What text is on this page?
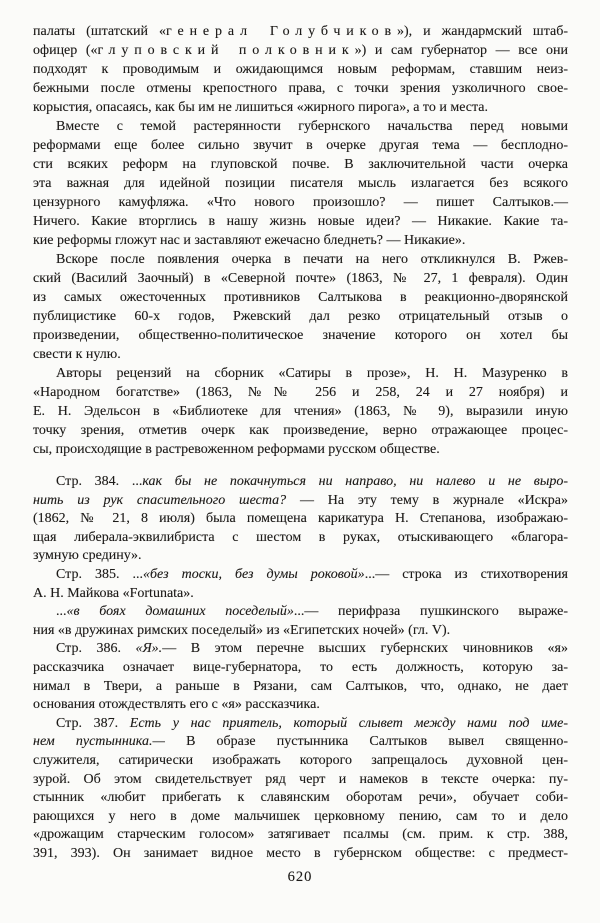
палаты (штатский «генерал Голубчиков»), и жандармский штаб-
офицер («глуповский полковник») и сам губернатор — все они
подходят к проводимым и ожидающимся новым реформам, ставшим неиз-
бежными после отмены крепостного права, с точки зрения узколичного свое-
корыстия, опасаясь, как бы им не лишиться «жирного пирога», а то и места.
Вместе с темой растерянности губернского начальства перед новыми
реформами еще более сильно звучит в очерке другая тема — бесплодно-
сти всяких реформ на глуповской почве. В заключительной части очерка
эта важная для идейной позиции писателя мысль излагается без всякого
цензурного камуфляжа. «Что нового произошло? — пишет Салтыков.—
Ничего. Какие вторглись в нашу жизнь новые идеи? — Никакие. Какие та-
кие реформы гложут нас и заставляют ежечасно бледнеть? — Никакие».
Вскоре после появления очерка в печати на него откликнулся В. Ржев-
ский (Василий Заочный) в «Северной почте» (1863, № 27, 1 февраля). Один
из самых ожесточенных противников Салтыкова в реакционно-дворянской
публицистике 60-х годов, Ржевский дал резко отрицательный отзыв о
произведении, общественно-политическое значение которого он хотел бы
свести к нулю.
Авторы рецензий на сборник «Сатиры в прозе», Н. Н. Мазуренко в
«Народном богатстве» (1863, №№ 256 и 258, 24 и 27 ноября) и
Е. Н. Эдельсон в «Библиотеке для чтения» (1863, № 9), выразили иную
точку зрения, отметив очерк как произведение, верно отражающее процес-
сы, происходящие в растревоженном реформами русском обществе.
Стр. 384. ...как бы не покачнуться ни направо, ни налево и не выро-
нить из рук спасительного шеста? — На эту тему в журнале «Искра»
(1862, № 21, 8 июля) была помещена карикатура Н. Степанова, изображаю-
щая либерала-эквилибриста с шестом в руках, отыскивающего «благора-
зумную средину».
Стр. 385. ...«без тоски, без думы роковой»...— строка из стихотворения
А. Н. Майкова «Fortunata».
...«в боях домашних поседелый»...— перифраза пушкинского выраже-
ния «в дружинах римских поседелый» из «Египетских ночей» (гл. V).
Стр. 386. «Я».— В этом перечне высших губернских чиновников «я»
рассказчика означает вице-губернатора, то есть должность, которую за-
нимал в Твери, а раньше в Рязани, сам Салтыков, что, однако, не дает
основания отождествлять его с «я» рассказчика.
Стр. 387. Есть у нас приятель, который слывет между нами под име-
нем пустынника.— В образе пустынника Салтыков вывел священно-
служителя, сатирически изображать которого запрещалось духовной цен-
зурой. Об этом свидетельствует ряд черт и намеков в тексте очерка: пу-
стынник «любит прибегать к славянским оборотам речи», обучает соби-
рающихся у него в доме мальчишек церковному пению, сам то и дело
«дрожащим старческим голосом» затягивает псалмы (см. прим. к стр. 388,
391, 393). Он занимает видное место в губернском обществе: с предмест-
620
